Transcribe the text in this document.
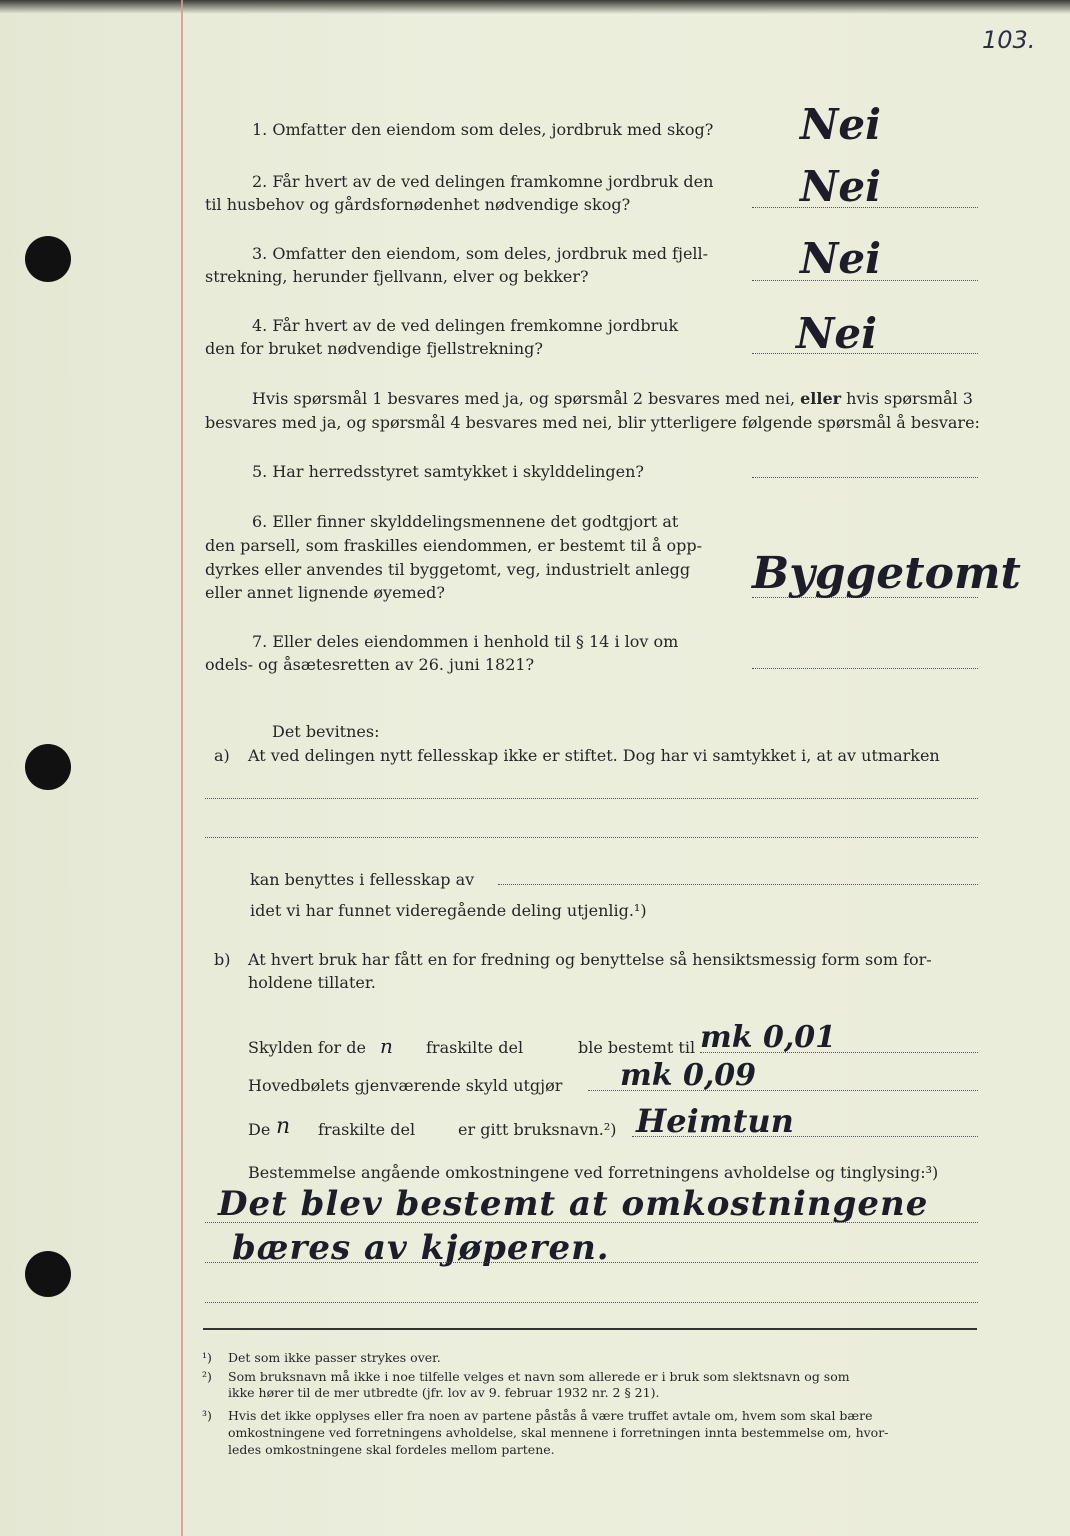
103.
1. Omfatter den eiendom som deles, jordbruk med skog? Nei
2. Får hvert av de ved delingen framkomne jordbruk den
til husbehov og gårdsfornødenhet nødvendige skog?	Nei
3. Omfatter den eiendom, som deles, jordbruk med fjell-
strekning, herunder fjellvann, elver og bekker?	Nei
4. Får hvert av de ved delingen fremkomne jordbruk
den for bruket nødvendige fjellstrekning?	Nei
Hvis spørsmål 1 besvares med ja, og spørsmål 2 besvares med nei, eller hvis spørsmål 3
besvares med ja, og spørsmål 4 besvares med nei, blir ytterligere følgende spørsmål å besvare:
5. Har herredsstyret samtykket i skylddelingen?
6. Eller finner skylddelingsmennene det godtgjort at
den parsell, som fraskilles eiendommen, er bestemt til å opp-
dyrkes eller anvendes til byggetomt, veg, industrielt anlegg
eller annet lignende øyemed?	Byggetomt
7. Eller deles eiendommen i henhold til § 14 i lov om
odels- og åsætesretten av 26. juni 1821?
Det bevitnes:
a) At ved delingen nytt fellesskap ikke er stiftet. Dog har vi samtykket i, at av utmarken
kan benyttes i fellesskap av
idet vi har funnet videregående deling utjenlig.¹)
b) At hvert bruk har fått en for fredning og benyttelse så hensiktsmessig form som for-
holdene tillater.
Skylden for de n fraskilte del	ble bestemt til mk 0,01
Hovedbølets gjenværende skyld utgjør mk 0,09
De n fraskilte del	er gitt bruksnavn.²) Heimtun
Bestemmelse angående omkostningene ved forretningens avholdelse og tinglysing:³)
Det blev bestemt at omkostningene
bæres av kjøperen.
¹) Det som ikke passer strykes over.
²) Som bruksnavn må ikke i noe tilfelle velges et navn som allerede er i bruk som slektsnavn og som
ikke hører til de mer utbredte (jfr. lov av 9. februar 1932 nr. 2 § 21).
³) Hvis det ikke opplyses eller fra noen av partene påstås å være truffet avtale om, hvem som skal bære
omkostningene ved forretningens avholdelse, skal mennene i forretningen innta bestemmelse om, hvor-
ledes omkostningene skal fordeles mellom partene.
